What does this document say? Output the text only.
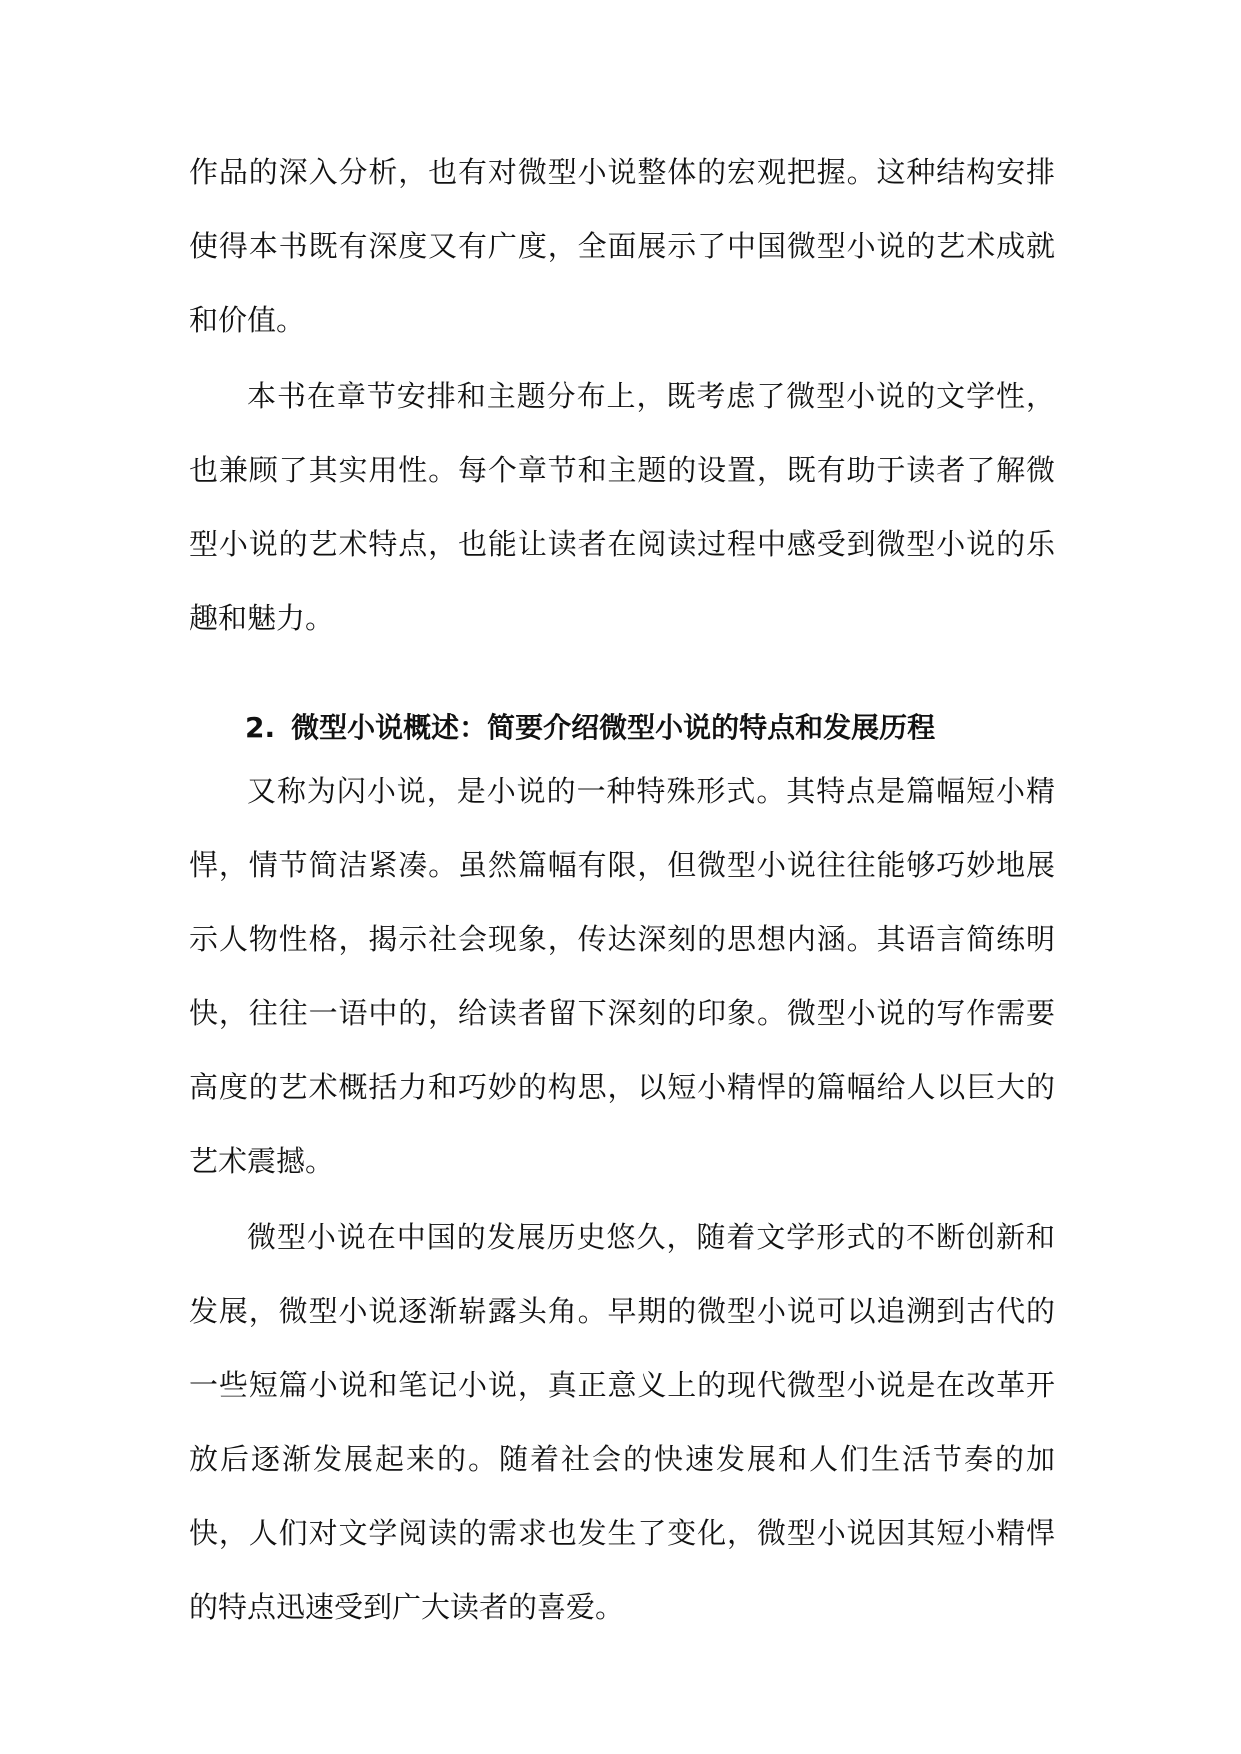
作品的深入分析，也有对微型小说整体的宏观把握。这种结构安排使得本书既有深度又有广度，全面展示了中国微型小说的艺术成就和价值。

本书在章节安排和主题分布上，既考虑了微型小说的文学性，也兼顾了其实用性。每个章节和主题的设置，既有助于读者了解微型小说的艺术特点，也能让读者在阅读过程中感受到微型小说的乐趣和魅力。

2. 微型小说概述：简要介绍微型小说的特点和发展历程

又称为闪小说，是小说的一种特殊形式。其特点是篇幅短小精悍，情节简洁紧凑。虽然篇幅有限，但微型小说往往能够巧妙地展示人物性格，揭示社会现象，传达深刻的思想内涵。其语言简练明快，往往一语中的，给读者留下深刻的印象。微型小说的写作需要高度的艺术概括力和巧妙的构思，以短小精悍的篇幅给人以巨大的艺术震撼。

微型小说在中国的发展历史悠久，随着文学形式的不断创新和发展，微型小说逐渐崭露头角。早期的微型小说可以追溯到古代的一些短篇小说和笔记小说，真正意义上的现代微型小说是在改革开放后逐渐发展起来的。随着社会的快速发展和人们生活节奏的加快，人们对文学阅读的需求也发生了变化，微型小说因其短小精悍的特点迅速受到广大读者的喜爱。
